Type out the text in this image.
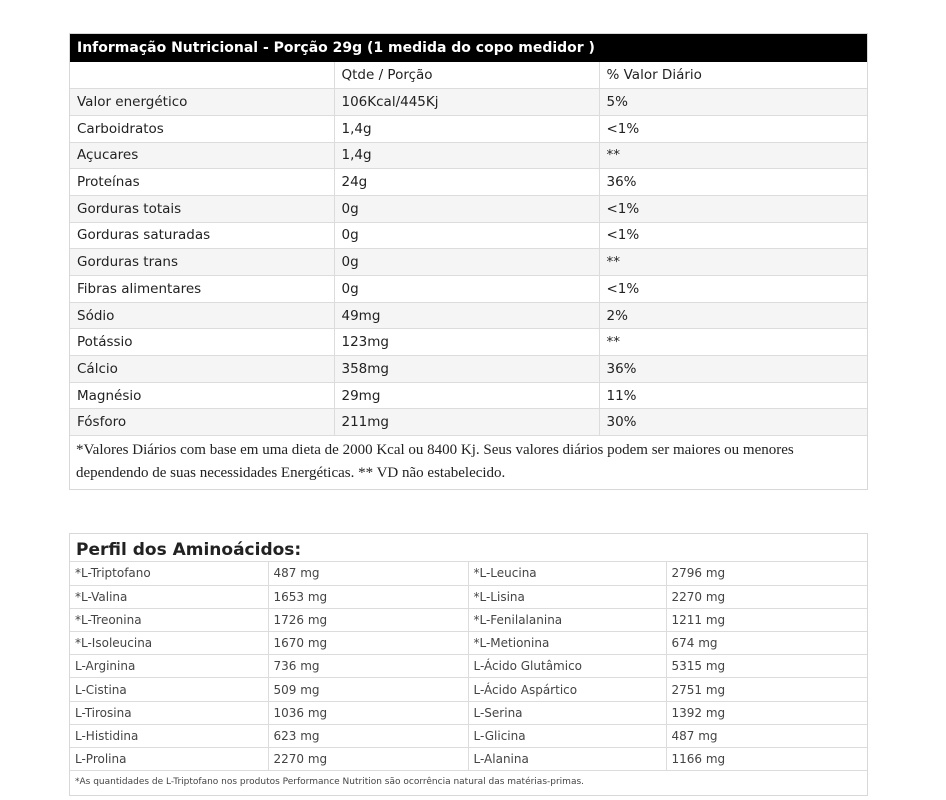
Informação Nutricional - Porção 29g (1 medida do copo medidor )
	Qtde / Porção	% Valor Diário
Valor energético	106Kcal/445Kj	5%
Carboidratos	1,4g	<1%
Açucares	1,4g	**
Proteínas	24g	36%
Gorduras totais	0g	<1%
Gorduras saturadas	0g	<1%
Gorduras trans	0g	**
Fibras alimentares	0g	<1%
Sódio	49mg	2%
Potássio	123mg	**
Cálcio	358mg	36%
Magnésio	29mg	11%
Fósforo	211mg	30%
*Valores Diários com base em uma dieta de 2000 Kcal ou 8400 Kj. Seus valores diários podem ser maiores ou menores dependendo de suas necessidades Energéticas. ** VD não estabelecido.
Perfil dos Aminoácidos:
*L-Triptofano	487 mg	*L-Leucina	2796 mg
*L-Valina	1653 mg	*L-Lisina	2270 mg
*L-Treonina	1726 mg	*L-Fenilalanina	1211 mg
*L-Isoleucina	1670 mg	*L-Metionina	674 mg
L-Arginina	736 mg	L-Ácido Glutâmico	5315 mg
L-Cistina	509 mg	L-Ácido Aspártico	2751 mg
L-Tirosina	1036 mg	L-Serina	1392 mg
L-Histidina	623 mg	L-Glicina	487 mg
L-Prolina	2270 mg	L-Alanina	1166 mg
*As quantidades de L-Triptofano nos produtos Performance Nutrition são ocorrência natural das matérias-primas.
